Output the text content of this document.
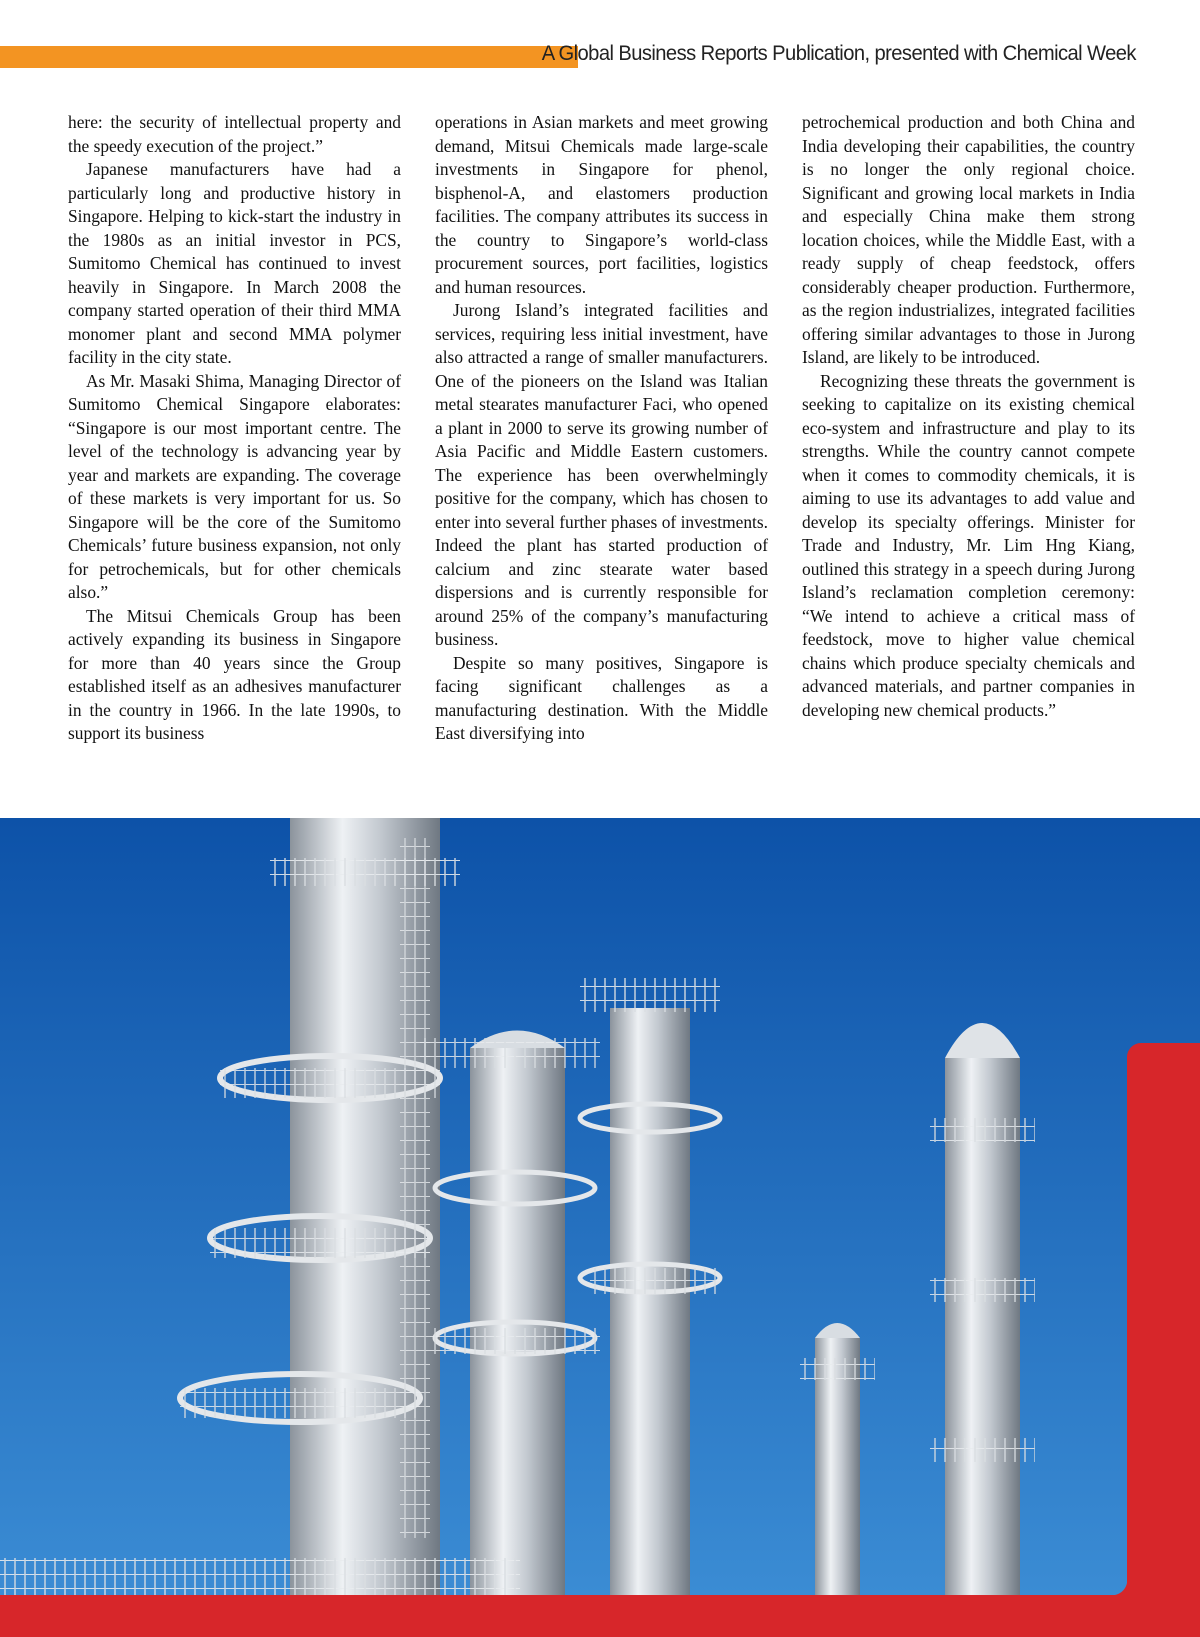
A Global Business Reports Publication, presented with Chemical Week

here: the security of intellectual property and the speedy execution of the project.”

Japanese manufacturers have had a particularly long and productive history in Singapore. Helping to kick-start the industry in the 1980s as an initial investor in PCS, Sumitomo Chemical has continued to invest heavily in Singapore. In March 2008 the company started operation of their third MMA monomer plant and second MMA polymer facility in the city state.

As Mr. Masaki Shima, Managing Director of Sumitomo Chemical Singapore elaborates: “Singapore is our most important centre. The level of the technology is advancing year by year and markets are expanding. The coverage of these markets is very important for us. So Singapore will be the core of the Sumitomo Chemicals’ future business expansion, not only for petrochemicals, but for other chemicals also.”

The Mitsui Chemicals Group has been actively expanding its business in Singapore for more than 40 years since the Group established itself as an adhesives manufacturer in the country in 1966. In the late 1990s, to support its business

operations in Asian markets and meet growing demand, Mitsui Chemicals made large-scale investments in Singapore for phenol, bisphenol-A, and elastomers production facilities. The company attributes its success in the country to Singapore’s world-class procurement sources, port facilities, logistics and human resources.

Jurong Island’s integrated facilities and services, requiring less initial investment, have also attracted a range of smaller manufacturers. One of the pioneers on the Island was Italian metal stearates manufacturer Faci, who opened a plant in 2000 to serve its growing number of Asia Pacific and Middle Eastern customers. The experience has been overwhelmingly positive for the company, which has chosen to enter into several further phases of investments. Indeed the plant has started production of calcium and zinc stearate water based dispersions and is currently responsible for around 25% of the company’s manufacturing business.

Despite so many positives, Singapore is facing significant challenges as a manufacturing destination. With the Middle East diversifying into

petrochemical production and both China and India developing their capabilities, the country is no longer the only regional choice. Significant and growing local markets in India and especially China make them strong location choices, while the Middle East, with a ready supply of cheap feedstock, offers considerably cheaper production. Furthermore, as the region industrializes, integrated facilities offering similar advantages to those in Jurong Island, are likely to be introduced.

Recognizing these threats the government is seeking to capitalize on its existing chemical eco-system and infrastructure and play to its strengths. While the country cannot compete when it comes to commodity chemicals, it is aiming to use its advantages to add value and develop its specialty offerings. Minister for Trade and Industry, Mr. Lim Hng Kiang, outlined this strategy in a speech during Jurong Island’s reclamation completion ceremony: “We intend to achieve a critical mass of feedstock, move to higher value chemical chains which produce specialty chemicals and advanced materials, and partner companies in developing new chemical products.”
